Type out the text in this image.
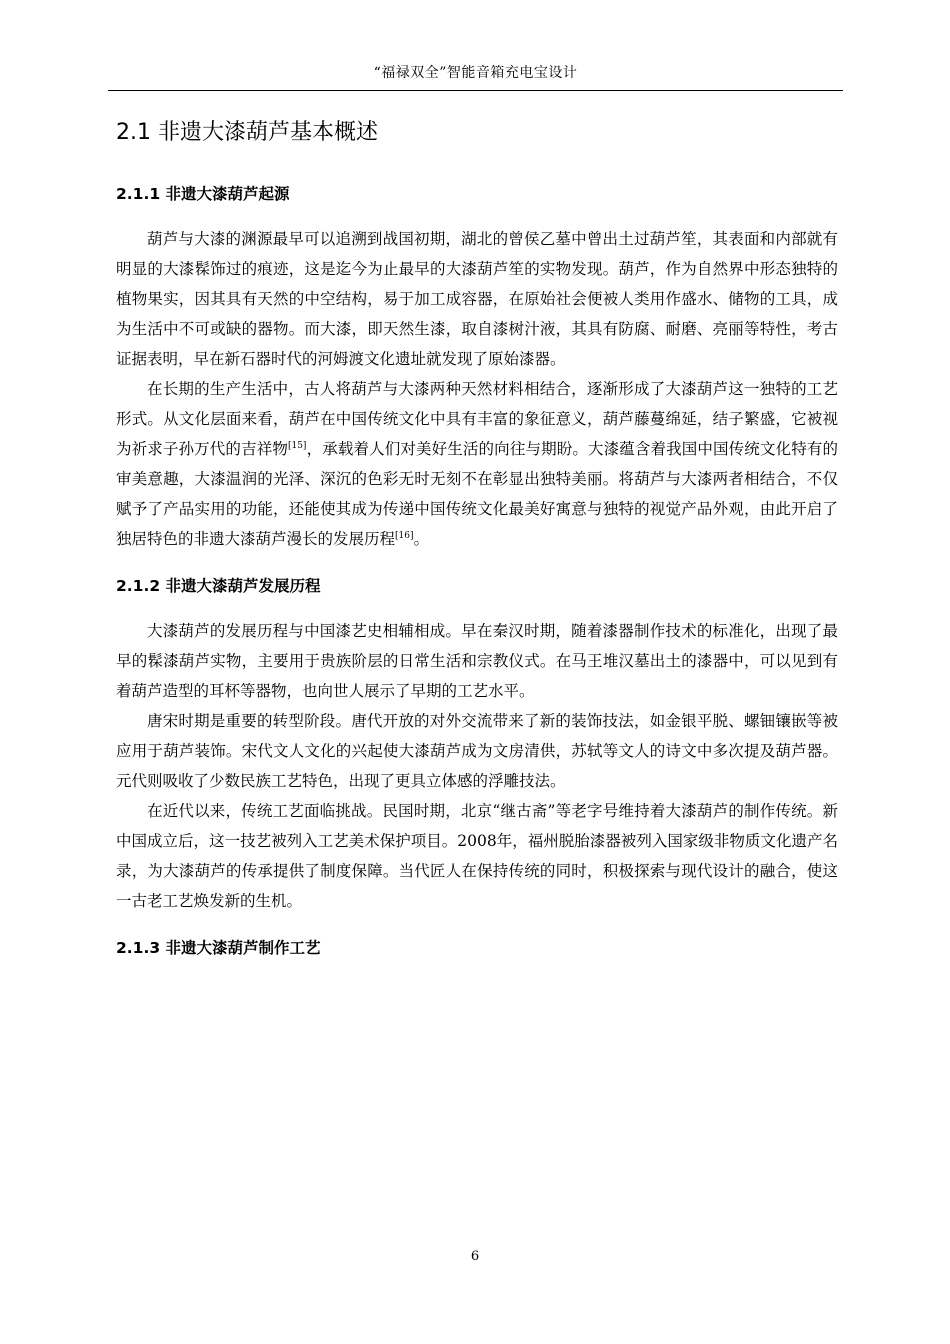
“福禄双全”智能音箱充电宝设计
2.1 非遗大漆葫芦基本概述
2.1.1 非遗大漆葫芦起源

葫芦与大漆的渊源最早可以追溯到战国初期，湖北的曾侯乙墓中曾出土过葫芦笙，其表面和内部就有明显的大漆髹饰过的痕迹，这是迄今为止最早的大漆葫芦笙的实物发现。葫芦，作为自然界中形态独特的植物果实，因其具有天然的中空结构，易于加工成容器，在原始社会便被人类用作盛水、储物的工具，成为生活中不可或缺的器物。而大漆，即天然生漆，取自漆树汁液，其具有防腐、耐磨、亮丽等特性，考古证据表明，早在新石器时代的河姆渡文化遗址就发现了原始漆器。

在长期的生产生活中，古人将葫芦与大漆两种天然材料相结合，逐渐形成了大漆葫芦这一独特的工艺形式。从文化层面来看，葫芦在中国传统文化中具有丰富的象征意义，葫芦藤蔓绵延，结子繁盛，它被视为祈求子孙万代的吉祥物[15]，承载着人们对美好生活的向往与期盼。大漆蕴含着我国中国传统文化特有的审美意趣，大漆温润的光泽、深沉的色彩无时无刻不在彰显出独特美丽。将葫芦与大漆两者相结合，不仅赋予了产品实用的功能，还能使其成为传递中国传统文化最美好寓意与独特的视觉产品外观，由此开启了独居特色的非遗大漆葫芦漫长的发展历程[16]。

2.1.2 非遗大漆葫芦发展历程

大漆葫芦的发展历程与中国漆艺史相辅相成。早在秦汉时期，随着漆器制作技术的标准化，出现了最早的髹漆葫芦实物，主要用于贵族阶层的日常生活和宗教仪式。在马王堆汉墓出土的漆器中，可以见到有着葫芦造型的耳杯等器物，也向世人展示了早期的工艺水平。

唐宋时期是重要的转型阶段。唐代开放的对外交流带来了新的装饰技法，如金银平脱、螺钿镶嵌等被应用于葫芦装饰。宋代文人文化的兴起使大漆葫芦成为文房清供，苏轼等文人的诗文中多次提及葫芦器。元代则吸收了少数民族工艺特色，出现了更具立体感的浮雕技法。

在近代以来，传统工艺面临挑战。民国时期，北京“继古斋”等老字号维持着大漆葫芦的制作传统。新中国成立后，这一技艺被列入工艺美术保护项目。2008年，福州脱胎漆器被列入国家级非物质文化遗产名录，为大漆葫芦的传承提供了制度保障。当代匠人在保持传统的同时，积极探索与现代设计的融合，使这一古老工艺焕发新的生机。

2.1.3 非遗大漆葫芦制作工艺
6
